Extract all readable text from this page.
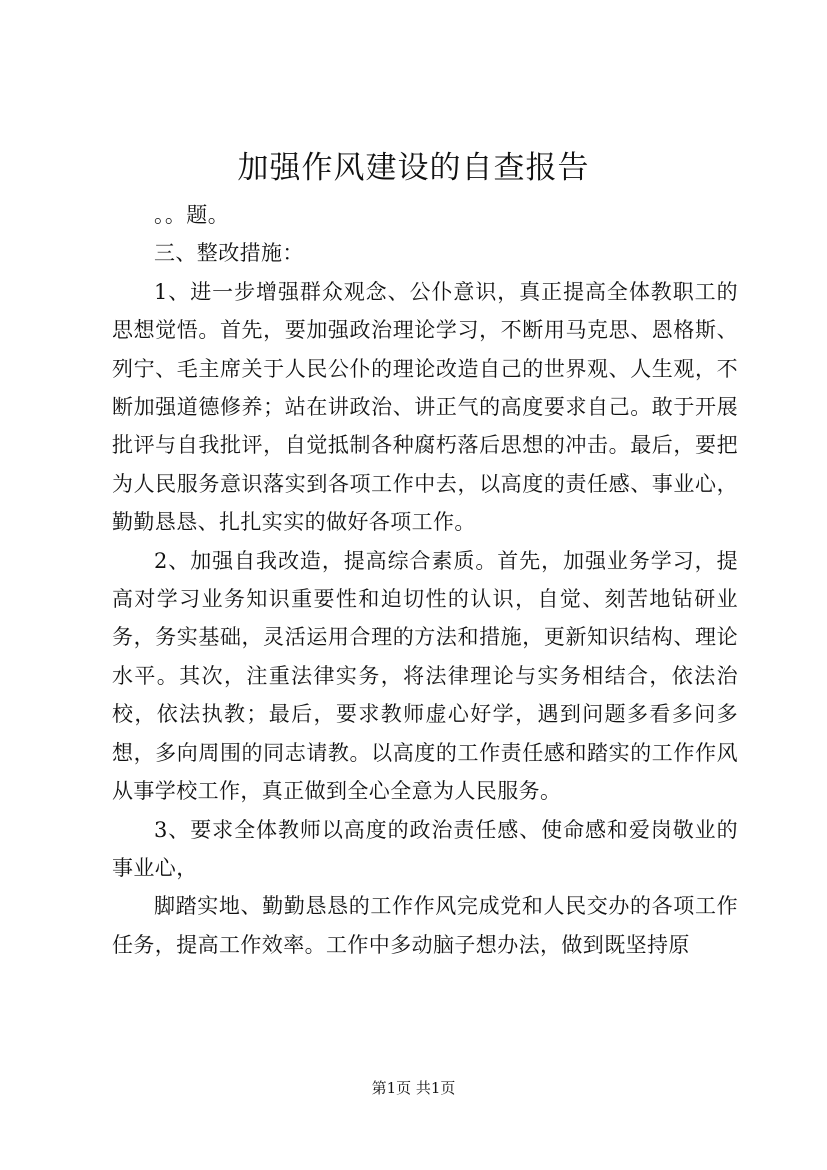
加强作风建设的自查报告

。。题。

三、整改措施：

1、进一步增强群众观念、公仆意识，真正提高全体教职工的思想觉悟。首先，要加强政治理论学习，不断用马克思、恩格斯、列宁、毛主席关于人民公仆的理论改造自己的世界观、人生观，不断加强道德修养；站在讲政治、讲正气的高度要求自己。敢于开展批评与自我批评，自觉抵制各种腐朽落后思想的冲击。最后，要把为人民服务意识落实到各项工作中去，以高度的责任感、事业心，勤勤恳恳、扎扎实实的做好各项工作。

2、加强自我改造，提高综合素质。首先，加强业务学习，提高对学习业务知识重要性和迫切性的认识，自觉、刻苦地钻研业务，务实基础，灵活运用合理的方法和措施，更新知识结构、理论水平。其次，注重法律实务，将法律理论与实务相结合，依法治校，依法执教；最后，要求教师虚心好学，遇到问题多看多问多想，多向周围的同志请教。以高度的工作责任感和踏实的工作作风从事学校工作，真正做到全心全意为人民服务。

3、要求全体教师以高度的政治责任感、使命感和爱岗敬业的事业心，

脚踏实地、勤勤恳恳的工作作风完成党和人民交办的各项工作任务，提高工作效率。工作中多动脑子想办法，做到既坚持原

第1页 共1页
